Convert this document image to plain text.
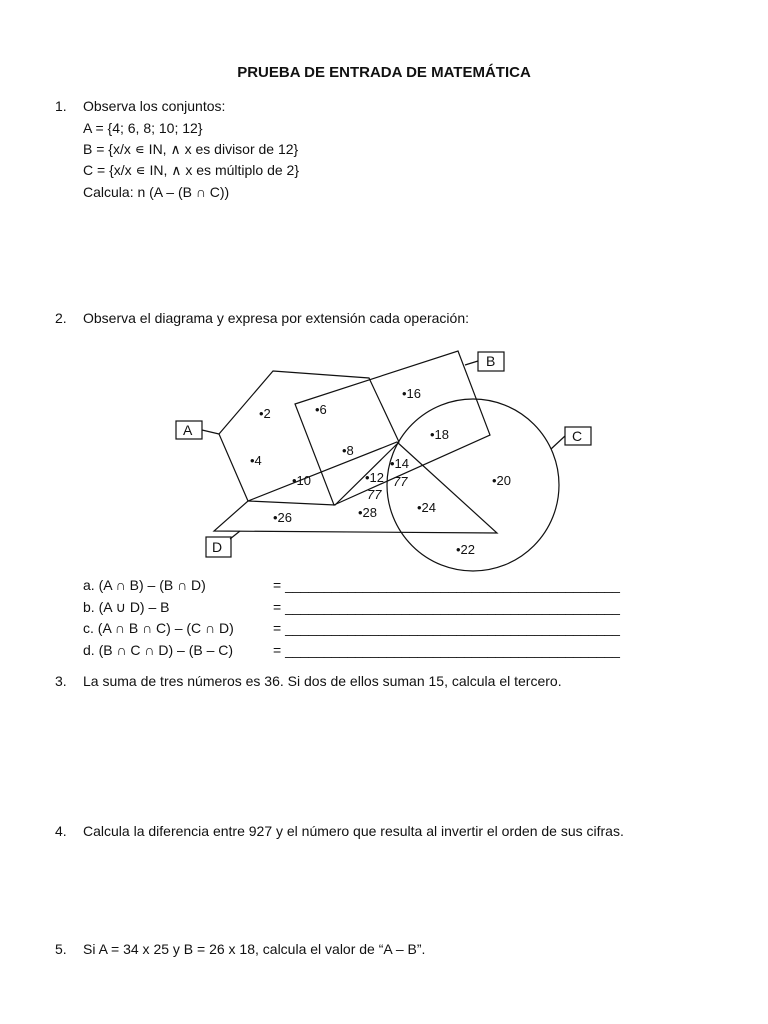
PRUEBA DE ENTRADA DE MATEMÁTICA
1. Observa los conjuntos:
A = {4; 6, 8; 10; 12}
B = {x/x ∊ IN, ∧ x es divisor de 12}
C = {x/x ∊ IN, ∧ x es múltiplo de 2}
Calcula: n (A – (B ∩ C))
2. Observa el diagrama y expresa por extensión cada operación:
A
B
C
D
•2
•4
•6
•8
•10	•12
•14
•16
•18
•20
•22
•24
•26	•28
77
77
a. (A ∩ B) – (B ∩ D)	= ___________________________________________
b. (A ∪ D) – B	= ___________________________________________
c. (A ∩ B ∩ C) – (C ∩ D)	= ___________________________________________
d. (B ∩ C ∩ D) – (B – C)	= ___________________________________________
3. La suma de tres números es 36. Si dos de ellos suman 15, calcula el tercero.
4. Calcula la diferencia entre 927 y el número que resulta al invertir el orden de sus cifras.
5. Si A = 34 x 25 y B = 26 x 18, calcula el valor de “A – B”.
